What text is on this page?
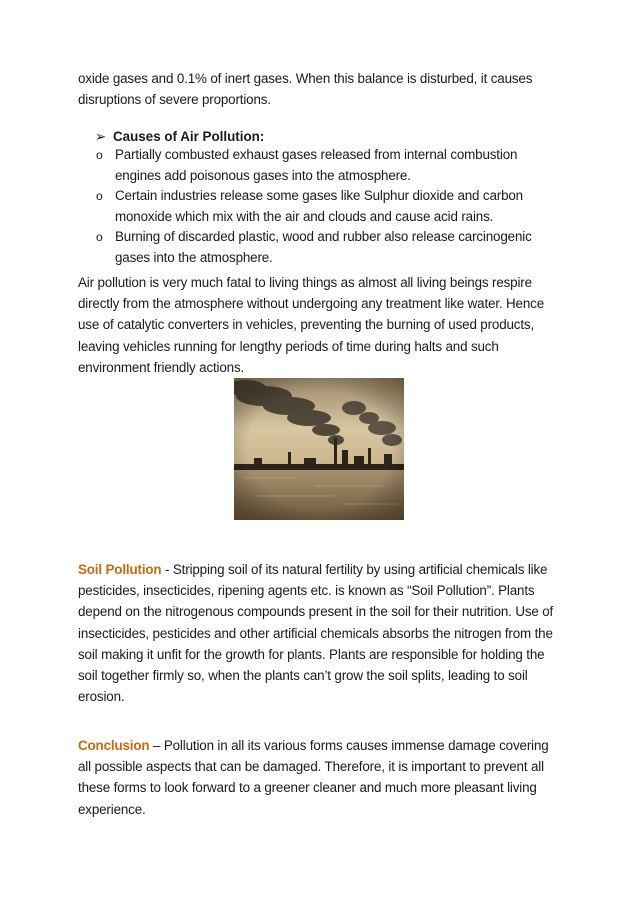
oxide gases and 0.1% of inert gases. When this balance is disturbed, it causes disruptions of severe proportions.

➢ Causes of Air Pollution:
o Partially combusted exhaust gases released from internal combustion engines add poisonous gases into the atmosphere.
o Certain industries release some gases like Sulphur dioxide and carbon monoxide which mix with the air and clouds and cause acid rains.
o Burning of discarded plastic, wood and rubber also release carcinogenic gases into the atmosphere.

Air pollution is very much fatal to living things as almost all living beings respire directly from the atmosphere without undergoing any treatment like water. Hence use of catalytic converters in vehicles, preventing the burning of used products, leaving vehicles running for lengthy periods of time during halts and such environment friendly actions.

Soil Pollution - Stripping soil of its natural fertility by using artificial chemicals like pesticides, insecticides, ripening agents etc. is known as “Soil Pollution”. Plants depend on the nitrogenous compounds present in the soil for their nutrition. Use of insecticides, pesticides and other artificial chemicals absorbs the nitrogen from the soil making it unfit for the growth for plants. Plants are responsible for holding the soil together firmly so, when the plants can’t grow the soil splits, leading to soil erosion.

Conclusion – Pollution in all its various forms causes immense damage covering all possible aspects that can be damaged. Therefore, it is important to prevent all these forms to look forward to a greener cleaner and much more pleasant living experience.
